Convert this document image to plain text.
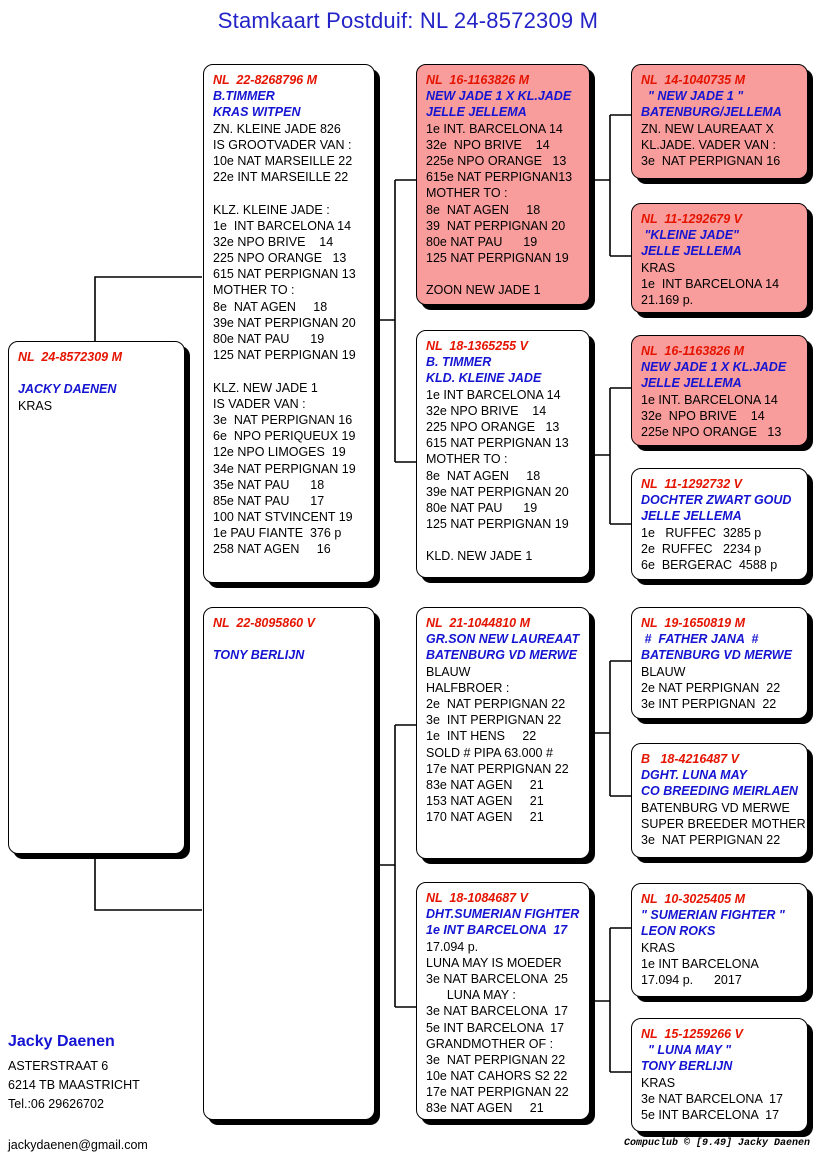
Stamkaart Postduif: NL 24-8572309 M
NL  24-8572309 M

JACKY DAENEN
KRAS
NL  22-8268796 M
B.TIMMER
KRAS WITPEN
ZN. KLEINE JADE 826
IS GROOTVADER VAN :
10e NAT MARSEILLE 22
22e INT MARSEILLE 22

KLZ. KLEINE JADE :
1e  INT BARCELONA 14
32e NPO BRIVE    14
225 NPO ORANGE   13
615 NAT PERPIGNAN 13
MOTHER TO :
8e  NAT AGEN     18
39e NAT PERPIGNAN 20
80e NAT PAU      19
125 NAT PERPIGNAN 19

KLZ. NEW JADE 1
IS VADER VAN :
3e  NAT PERPIGNAN 16
6e  NPO PERIQUEUX 19
12e NPO LIMOGES  19
34e NAT PERPIGNAN 19
35e NAT PAU      18
85e NAT PAU      17
100 NAT STVINCENT 19
1e PAU FIANTE  376 p
258 NAT AGEN     16
NL  22-8095860 V

TONY BERLIJN
NL  16-1163826 M
NEW JADE 1 X KL.JADE
JELLE JELLEMA
1e INT. BARCELONA 14
32e  NPO BRIVE    14
225e NPO ORANGE   13
615e NAT PERPIGNAN13
MOTHER TO :
8e  NAT AGEN     18
39  NAT PERPIGNAN 20
80e NAT PAU      19
125 NAT PERPIGNAN 19

ZOON NEW JADE 1
NL  18-1365255 V
B. TIMMER
KLD. KLEINE JADE
1e INT BARCELONA 14
32e NPO BRIVE    14
225 NPO ORANGE   13
615 NAT PERPIGNAN 13
MOTHER TO :
8e  NAT AGEN     18
39e NAT PERPIGNAN 20
80e NAT PAU      19
125 NAT PERPIGNAN 19

KLD. NEW JADE 1
NL  21-1044810 M
GR.SON NEW LAUREAAT
BATENBURG VD MERWE
BLAUW
HALFBROER :
2e  NAT PERPIGNAN 22
3e  INT PERPIGNAN 22
1e  INT HENS     22
SOLD # PIPA 63.000 #
17e NAT PERPIGNAN 22
83e NAT AGEN     21
153 NAT AGEN     21
170 NAT AGEN     21
NL  18-1084687 V
DHT.SUMERIAN FIGHTER
1e INT BARCELONA  17
17.094 p.
LUNA MAY IS MOEDER
3e NAT BARCELONA  25
LUNA MAY :
3e NAT BARCELONA  17
5e INT BARCELONA  17
GRANDMOTHER OF :
3e  NAT PERPIGNAN 22
10e NAT CAHORS S2 22
17e NAT PERPIGNAN 22
83e NAT AGEN     21
NL  14-1040735 M
" NEW JADE 1 "
BATENBURG/JELLEMA
ZN. NEW LAUREAAT X
KL.JADE. VADER VAN :
3e  NAT PERPIGNAN 16
NL  11-1292679 V
"KLEINE JADE"
JELLE JELLEMA
KRAS
1e  INT BARCELONA 14
21.169 p.
NL  16-1163826 M
NEW JADE 1 X KL.JADE
JELLE JELLEMA
1e INT. BARCELONA 14
32e  NPO BRIVE    14
225e NPO ORANGE   13
NL  11-1292732 V
DOCHTER ZWART GOUD
JELLE JELLEMA
1e   RUFFEC  3285 p
2e  RUFFEC   2234 p
6e  BERGERAC  4588 p
NL  19-1650819 M
#  FATHER JANA  #
BATENBURG VD MERWE
BLAUW
2e NAT PERPIGNAN  22
3e INT PERPIGNAN  22
B   18-4216487 V
DGHT. LUNA MAY
CO BREEDING MEIRLAEN
BATENBURG VD MERWE
SUPER BREEDER MOTHER
3e  NAT PERPIGNAN 22
NL  10-3025405 M
" SUMERIAN FIGHTER "
LEON ROKS
KRAS
1e INT BARCELONA
17.094 p.      2017
NL  15-1259266 V
" LUNA MAY "
TONY BERLIJN
KRAS
3e NAT BARCELONA  17
5e INT BARCELONA  17
Jacky Daenen
ASTERSTRAAT 6
6214 TB MAASTRICHT
Tel.:06 29626702
jackydaenen@gmail.com	Compuclub © [9.49] Jacky Daenen
